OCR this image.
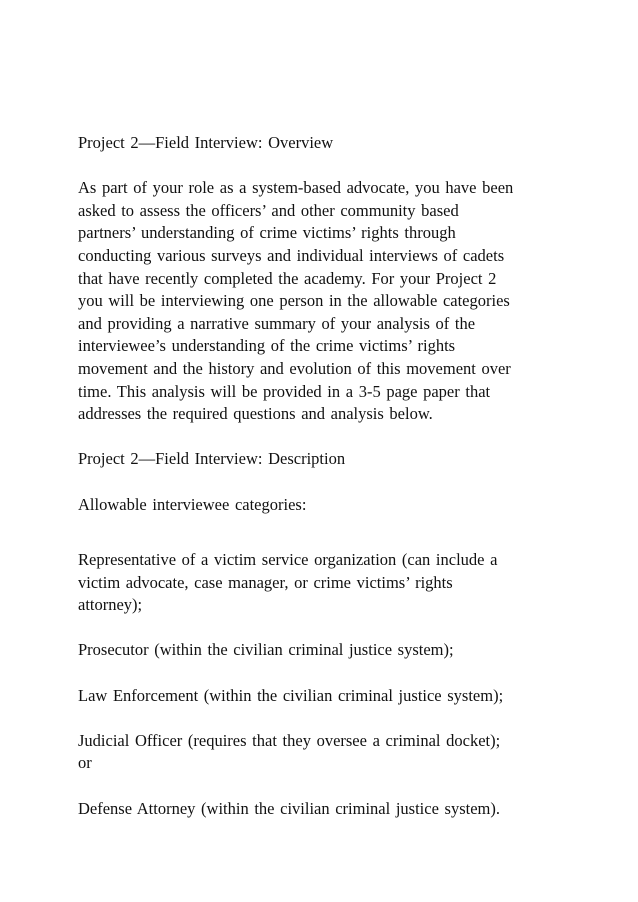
Project 2—Field Interview: Overview

As part of your role as a system-based advocate, you have been
asked to assess the officers’ and other community based
partners’ understanding of crime victims’ rights through
conducting various surveys and individual interviews of cadets
that have recently completed the academy. For your Project 2
you will be interviewing one person in the allowable categories
and providing a narrative summary of your analysis of the
interviewee’s understanding of the crime victims’ rights
movement and the history and evolution of this movement over
time. This analysis will be provided in a 3-5 page paper that
addresses the required questions and analysis below.

Project 2—Field Interview: Description

Allowable interviewee categories:

Representative of a victim service organization (can include a
victim advocate, case manager, or crime victims’ rights
attorney);

Prosecutor (within the civilian criminal justice system);

Law Enforcement (within the civilian criminal justice system);

Judicial Officer (requires that they oversee a criminal docket);
or

Defense Attorney (within the civilian criminal justice system).
